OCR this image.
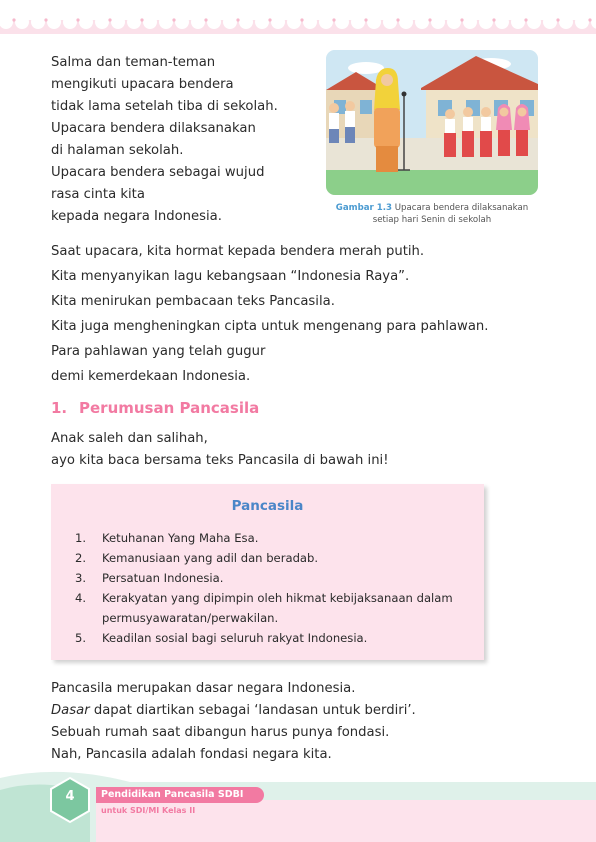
Salma dan teman-teman
mengikuti upacara bendera
tidak lama setelah tiba di sekolah.
Upacara bendera dilaksanakan
di halaman sekolah.
Upacara bendera sebagai wujud
rasa cinta kita
kepada negara Indonesia.
Gambar 1.3 Upacara bendera dilaksanakan
setiap hari Senin di sekolah
Saat upacara, kita hormat kepada bendera merah putih.
Kita menyanyikan lagu kebangsaan “Indonesia Raya”.
Kita menirukan pembacaan teks Pancasila.
Kita juga mengheningkan cipta untuk mengenang para pahlawan.
Para pahlawan yang telah gugur
demi kemerdekaan Indonesia.
1. Perumusan Pancasila
Anak saleh dan salihah,
ayo kita baca bersama teks Pancasila di bawah ini!
Pancasila
1. Ketuhanan Yang Maha Esa.
2. Kemanusiaan yang adil dan beradab.
3. Persatuan Indonesia.
4. Kerakyatan yang dipimpin oleh hikmat kebijaksanaan dalam permusyawaratan/perwakilan.
5. Keadilan sosial bagi seluruh rakyat Indonesia.
Pancasila merupakan dasar negara Indonesia.
Dasar dapat diartikan sebagai ‘landasan untuk berdiri’.
Sebuah rumah saat dibangun harus punya fondasi.
Nah, Pancasila adalah fondasi negara kita.
4	Pendidikan Pancasila SDBI
untuk SDI/MI Kelas II
